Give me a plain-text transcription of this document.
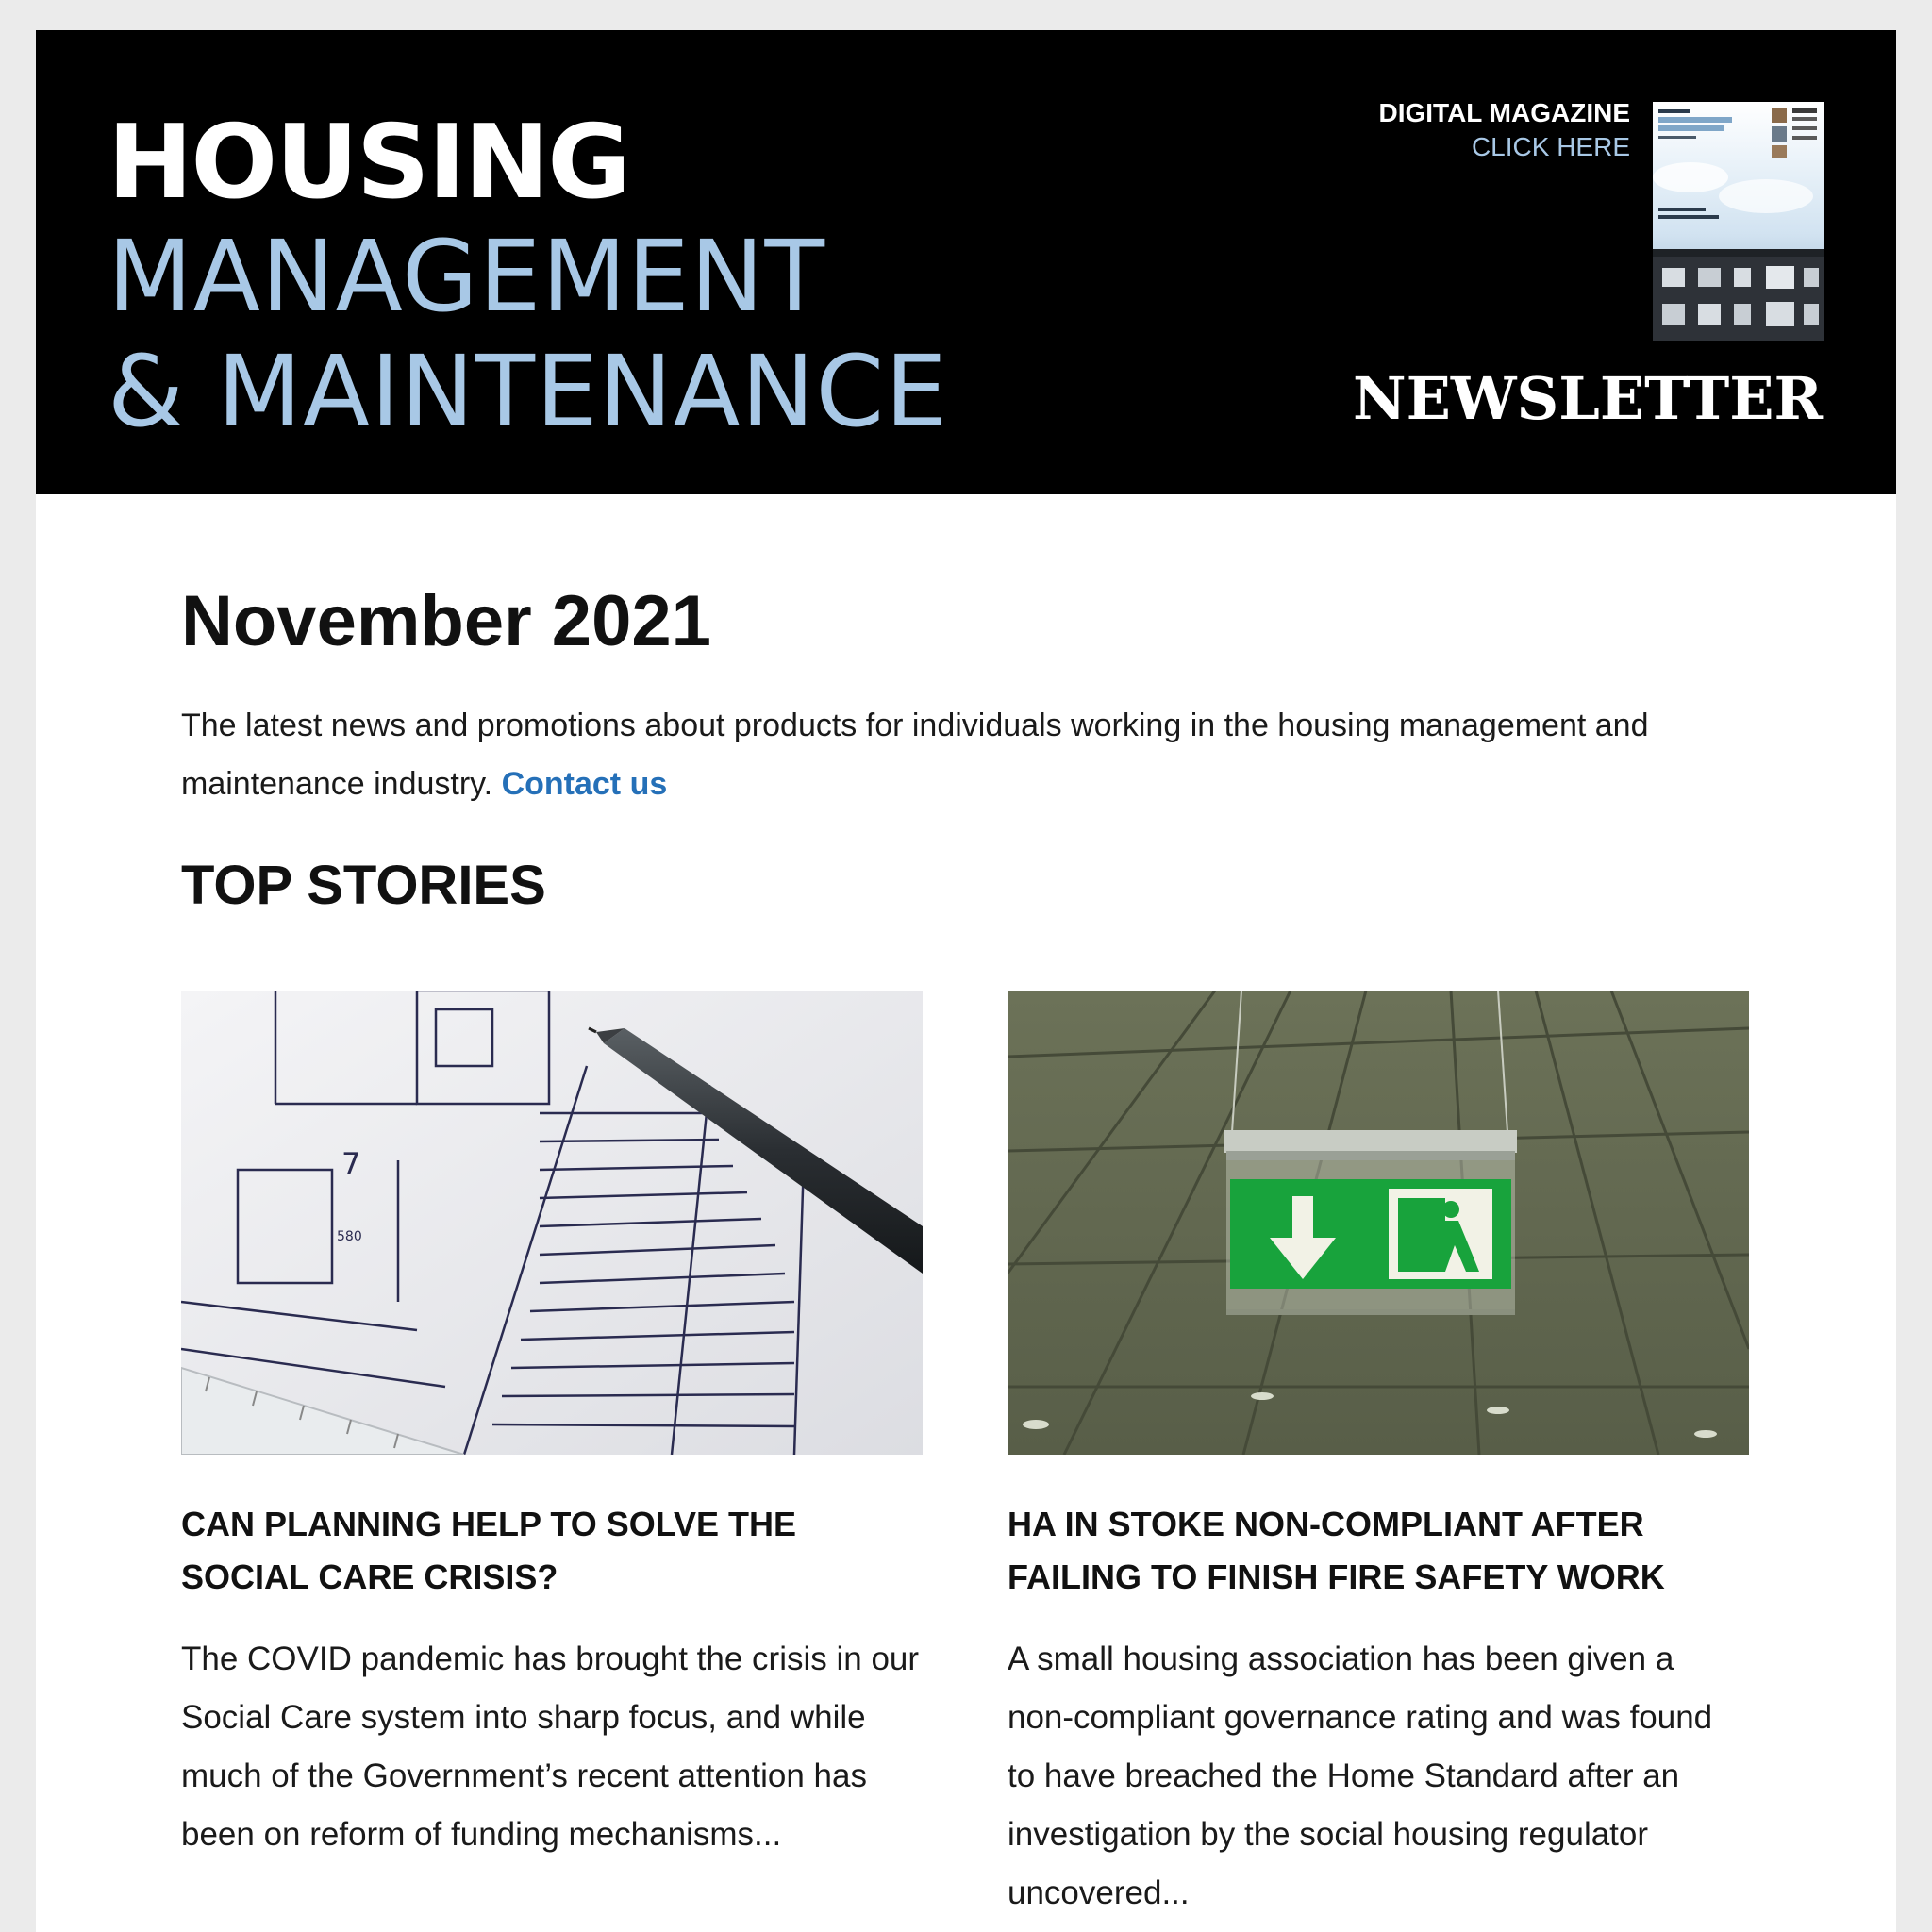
HOUSING
MANAGEMENT
& MAINTENANCE
DIGITAL MAGAZINE
CLICK HERE
NEWSLETTER
November 2021

The latest news and promotions about products for individuals working in the housing management and maintenance industry. Contact us

TOP STORIES
7
580
CAN PLANNING HELP TO SOLVE THE SOCIAL CARE CRISIS?

The COVID pandemic has brought the crisis in our Social Care system into sharp focus, and while much of the Government’s recent attention has been on reform of funding mechanisms...

HA IN STOKE NON-COMPLIANT AFTER FAILING TO FINISH FIRE SAFETY WORK

A small housing association has been given a non-compliant governance rating and was found to have breached the Home Standard after an investigation by the social housing regulator uncovered...
